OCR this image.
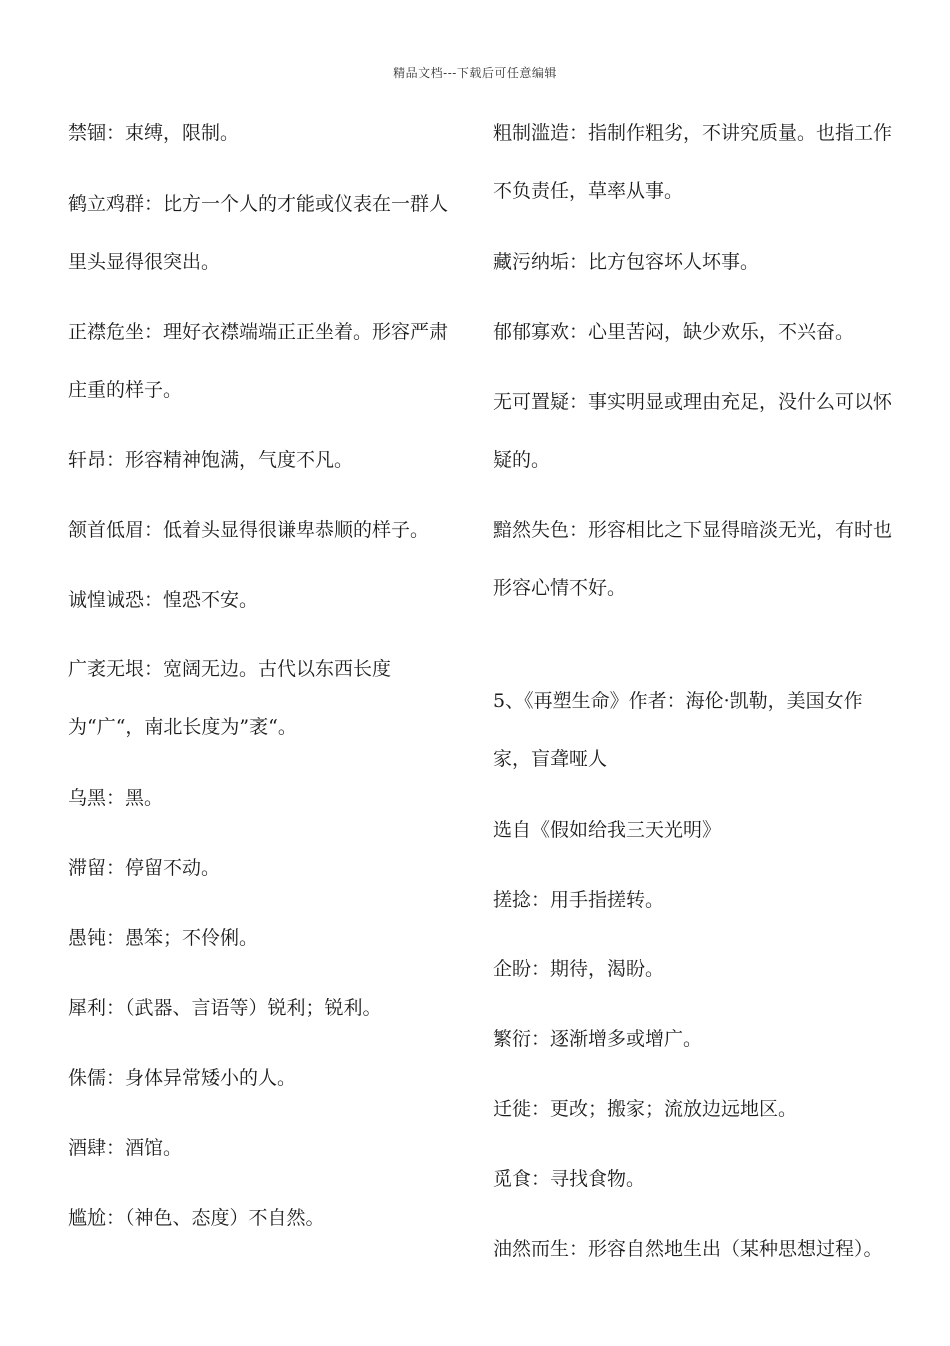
精品文档---下载后可任意编辑
禁锢：束缚，限制。
鹤立鸡群：比方一个人的才能或仪表在一群人里头显得很突出。
正襟危坐：理好衣襟端端正正坐着。形容严肃庄重的样子。
轩昂：形容精神饱满，气度不凡。
颔首低眉：低着头显得很谦卑恭顺的样子。
诚惶诚恐：惶恐不安。
广袤无垠：宽阔无边。古代以东西长度为“广“，南北长度为”袤“。
乌黑：黑。
滞留：停留不动。
愚钝：愚笨；不伶俐。
犀利：（武器、言语等）锐利；锐利。
侏儒：身体异常矮小的人。
酒肆：酒馆。
尴尬：（神色、态度）不自然。
粗制滥造：指制作粗劣，不讲究质量。也指工作不负责任，草率从事。
藏污纳垢：比方包容坏人坏事。
郁郁寡欢：心里苦闷，缺少欢乐，不兴奋。
无可置疑：事实明显或理由充足，没什么可以怀疑的。
黯然失色：形容相比之下显得暗淡无光，有时也形容心情不好。
5、《再塑生命》作者：海伦·凯勒，美国女作家，盲聋哑人
选自《假如给我三天光明》
搓捻：用手指搓转。
企盼：期待，渴盼。
繁衍：逐渐增多或增广。
迁徙：更改；搬家；流放边远地区。
觅食：寻找食物。
油然而生：形容自然地生出（某种思想过程）。
